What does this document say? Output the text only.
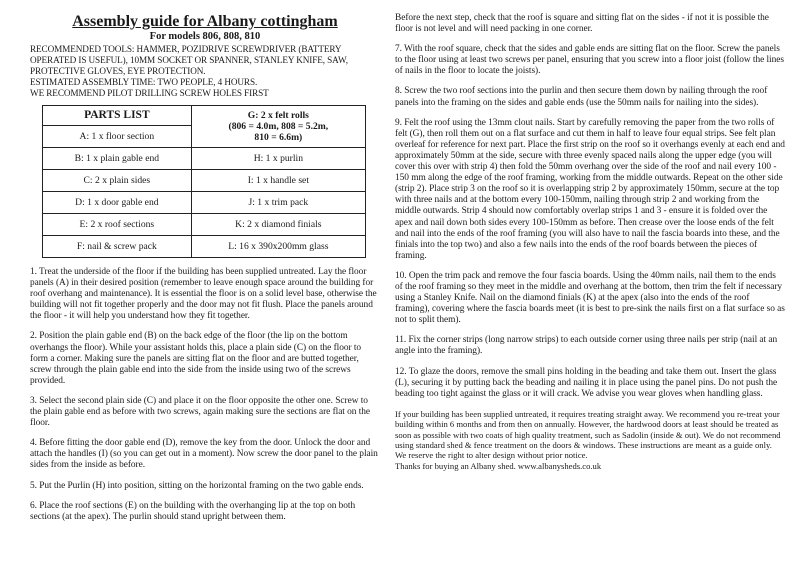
Assembly guide for Albany cottingham
For models 806, 808, 810
RECOMMENDED TOOLS: HAMMER, POZIDRIVE SCREWDRIVER (BATTERY OPERATED IS USEFUL), 10MM SOCKET OR SPANNER, STANLEY KNIFE, SAW, PROTECTIVE GLOVES, EYE PROTECTION.
ESTIMATED ASSEMBLY TIME: TWO PEOPLE, 4 HOURS.
WE RECOMMEND PILOT DRILLING SCREW HOLES FIRST
PARTS LIST	G: 2 x felt rolls
(806 = 4.0m, 808 = 5.2m,
810 = 6.6m)

A: 1 x floor section	
B: 1 x plain gable end	H: 1 x purlin
C: 2 x plain sides	I: 1 x handle set
D: 1 x door gable end	J: 1 x trim pack
E: 2 x roof sections	K: 2 x diamond finials
F: nail & screw pack	L: 16 x 390x200mm glass

1. Treat the underside of the floor if the building has been supplied untreated. Lay the floor panels (A) in their desired position (remember to leave enough space around the building for roof overhang and maintenance). It is essential the floor is on a solid level base, otherwise the building will not fit together properly and the door may not fit flush. Place the panels around the floor - it will help you understand how they fit together.

2. Position the plain gable end (B) on the back edge of the floor (the lip on the bottom overhangs the floor). While your assistant holds this, place a plain side (C) on the floor to form a corner. Making sure the panels are sitting flat on the floor and are butted together, screw through the plain gable end into the side from the inside using two of the screws provided.

3. Select the second plain side (C) and place it on the floor opposite the other one. Screw to the plain gable end as before with two screws, again making sure the sections are flat on the floor.

4. Before fitting the door gable end (D), remove the key from the door. Unlock the door and attach the handles (I) (so you can get out in a moment). Now screw the door panel to the plain sides from the inside as before.

5. Put the Purlin (H) into position, sitting on the horizontal framing on the two gable ends.

6. Place the roof sections (E) on the building with the overhanging lip at the top on both sections (at the apex). The purlin should stand upright between them.

Before the next step, check that the roof is square and sitting flat on the sides - if not it is possible the floor is not level and will need packing in one corner.

7. With the roof square, check that the sides and gable ends are sitting flat on the floor. Screw the panels to the floor using at least two screws per panel, ensuring that you screw into a floor joist (follow the lines of nails in the floor to locate the joists).

8. Screw the two roof sections into the purlin and then secure them down by nailing through the roof panels into the framing on the sides and gable ends (use the 50mm nails for nailing into the sides).

9. Felt the roof using the 13mm clout nails. Start by carefully removing the paper from the two rolls of felt (G), then roll them out on a flat surface and cut them in half to leave four equal strips. See felt plan overleaf for reference for next part. Place the first strip on the roof so it overhangs evenly at each end and approximately 50mm at the side, secure with three evenly spaced nails along the upper edge (you will cover this over with strip 4) then fold the 50mm overhang over the side of the roof and nail every 100 - 150 mm along the edge of the roof framing, working from the middle outwards. Repeat on the other side (strip 2). Place strip 3 on the roof so it is overlapping strip 2 by approximately 150mm, secure at the top with three nails and at the bottom every 100-150mm, nailing through strip 2 and working from the middle outwards. Strip 4 should now comfortably overlap strips 1 and 3 - ensure it is folded over the apex and nail down both sides every 100-150mm as before. Then crease over the loose ends of the felt and nail into the ends of the roof framing (you will also have to nail the fascia boards into these, and the finials into the top two) and also a few nails into the ends of the roof boards between the pieces of framing.

10. Open the trim pack and remove the four fascia boards. Using the 40mm nails, nail them to the ends of the roof framing so they meet in the middle and overhang at the bottom, then trim the felt if necessary using a Stanley Knife. Nail on the diamond finials (K) at the apex (also into the ends of the roof framing), covering where the fascia boards meet (it is best to pre-sink the nails first on a flat surface so as not to split them).

11. Fix the corner strips (long narrow strips) to each outside corner using three nails per strip (nail at an angle into the framing).

12. To glaze the doors, remove the small pins holding in the beading and take them out. Insert the glass (L), securing it by putting back the beading and nailing it in place using the panel pins. Do not push the beading too tight against the glass or it will crack. We advise you wear gloves when handling glass.

If your building has been supplied untreated, it requires treating straight away. We recommend you re-treat your building within 6 months and from then on annually. However, the hardwood doors at least should be treated as soon as possible with two coats of high quality treatment, such as Sadolin (inside & out). We do not recommend using standard shed & fence treatment on the doors & windows. These instructions are meant as a guide only. We reserve the right to alter design without prior notice.
Thanks for buying an Albany shed. www.albanysheds.co.uk
